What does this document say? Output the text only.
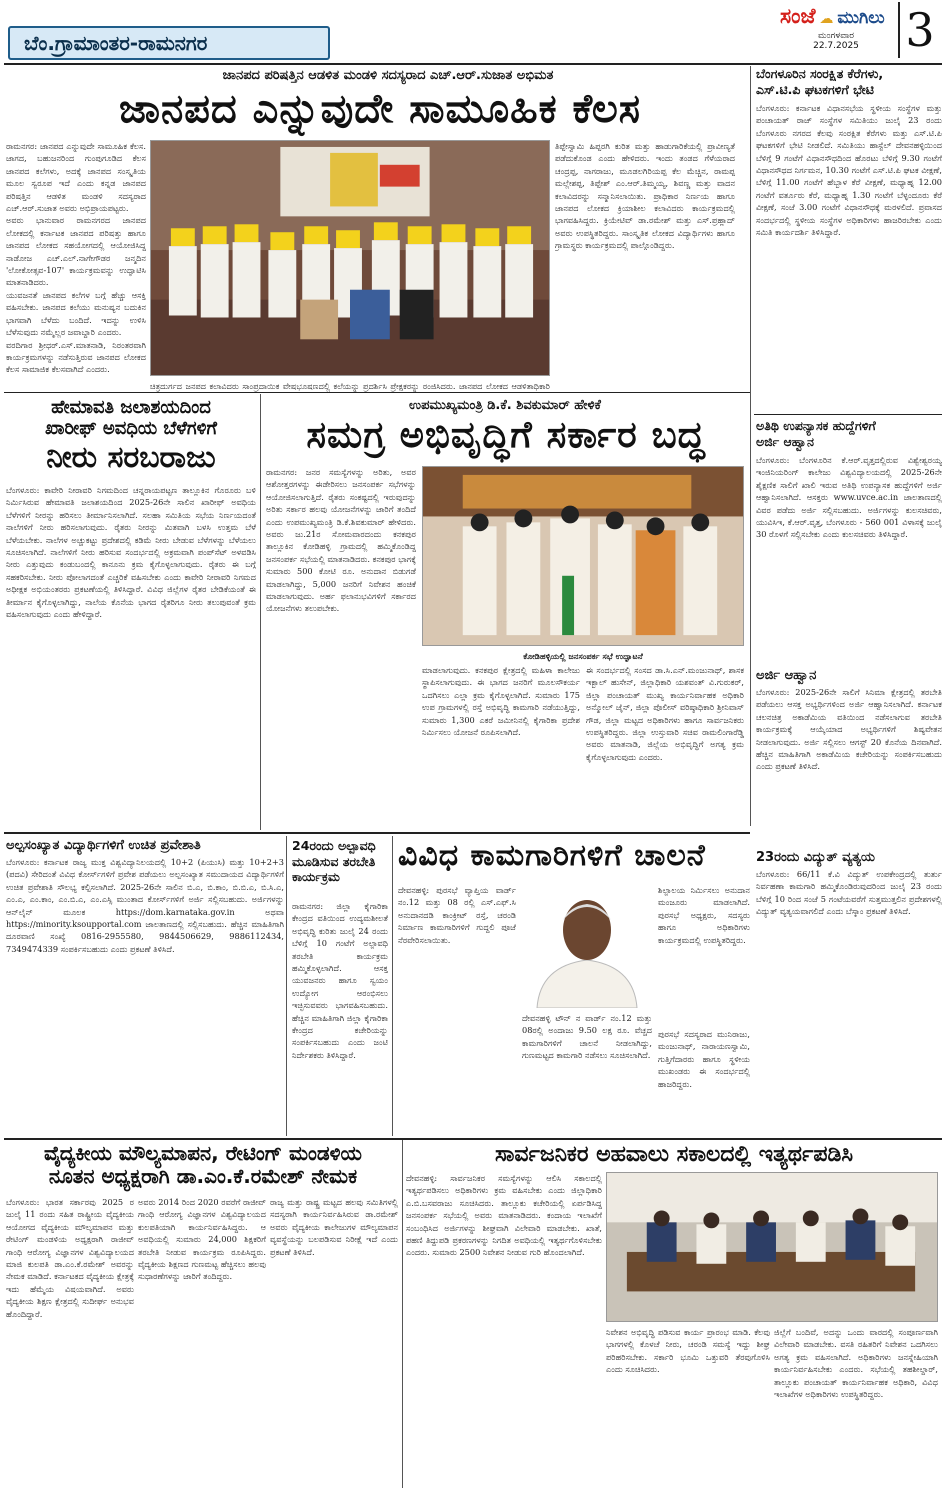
ಬೆಂ.ಗ್ರಾಮಾಂತರ-ರಾಮನಗರ
ಸಂಜೆ ☁ ಮುಗಿಲು
ಮಂಗಳವಾರ
22.7.2025	3
ಜಾನಪದ ಪರಿಷತ್ತಿನ ಆಡಳಿತ ಮಂಡಳಿ ಸದಸ್ಯರಾದ ಎಚ್.ಆರ್.ಸುಜಾತ ಅಭಿಮತ
ಜಾನಪದ ಎನ್ನುವುದೇ ಸಾಮೂಹಿಕ ಕೆಲಸ

ರಾಮನಗರ: ಜಾನಪದ ಎನ್ನುವುದೇ ಸಾಮೂಹಿಕ ಕೆಲಸ. ಜಾಗದ, ಬಹುಜನರಿಂದ ಗುಂಪುಗೂಡಿದ ಕೆಲಸ ಜಾನಪದ ಕಲೆಗಳು, ಅದಕ್ಕೆ ಜಾನಪದ ಸಂಸ್ಕೃತಿಯ ಮೂಲ ಸ್ವರೂಪ ಇದೆ ಎಂದು ಕನ್ನಡ ಜಾನಪದ ಪರಿಷತ್ತಿನ ಆಡಳಿತ ಮಂಡಳಿ ಸದಸ್ಯರಾದ ಎಚ್.ಆರ್.ಸುಜಾತ ಅವರು ಅಭಿಪ್ರಾಯಪಟ್ಟರು.

ಅವರು ಭಾನುವಾರ ರಾಮನಗರದ ಜಾನಪದ ಲೋಕದಲ್ಲಿ ಕರ್ನಾಟಕ ಜಾನಪದ ಪರಿಷತ್ತು ಹಾಗೂ ಜಾನಪದ ಲೋಕದ ಸಹಯೋಗದಲ್ಲಿ ಆಯೋಜಿಸಿದ್ದ ನಾಡೋಜ ಎಚ್.ಎಲ್.ನಾಗೇಗೌಡರ ಜನ್ಮದಿನ 'ಲೋಕೋತ್ಸವ-107' ಕಾರ್ಯಕ್ರಮವನ್ನು ಉದ್ಘಾಟಿಸಿ ಮಾತನಾಡಿದರು.

ಯುವಜನತೆ ಜಾನಪದ ಕಲೆಗಳ ಬಗ್ಗೆ ಹೆಚ್ಚು ಆಸಕ್ತಿ ವಹಿಸಬೇಕು. ಜಾನಪದ ಕಲೆಯು ಮನುಷ್ಯನ ಬದುಕಿನ ಭಾಗವಾಗಿ ಬೆಳೆದು ಬಂದಿದೆ. ಇದನ್ನು ಉಳಿಸಿ ಬೆಳೆಸುವುದು ನಮ್ಮೆಲ್ಲರ ಜವಾಬ್ದಾರಿ ಎಂದರು.

ವರದಿಗಾರ ಶ್ರೀಧರ್.ಎಸ್.ಮಾತನಾಡಿ, ನಿರಂತರವಾಗಿ ಕಾರ್ಯಕ್ರಮಗಳನ್ನು ನಡೆಸುತ್ತಿರುವ ಜಾನಪದ ಲೋಕದ ಕೆಲಸ ಸಾಮಾಜಿಕ ಕೆಲಸವಾಗಿದೆ ಎಂದರು.

ತಿಪ್ಪೇಸ್ವಾಮಿ ಹಿಪ್ಪರಗಿ ಕುರಿತ ಮತ್ತು ಹಾಡುಗಾರಿಕೆಯಲ್ಲಿ ಪ್ರಾವೀಣ್ಯತೆ ಪಡೆದುಕೊಂಡ ಎಂದು ಹೇಳಿದರು. ಇಂದು ತಂಡದ ಗೆಳೆಯರಾದ ಚಂದ್ರಪ್ಪ, ನಾಗರಾಜು, ಮೂಡಲಗಿರಿಯಪ್ಪ ಕೆಲ ಮೆಚ್ಚಿನ, ರಾಮಪ್ಪ ಮಲ್ಲೇಶಪ್ಪ, ತಿಪ್ಪೇಶ್ ಎಂ.ಆರ್.ತಿಮ್ಮಯ್ಯ, ಶಿವಣ್ಣ ಮತ್ತು ವಾದನ ಕಲಾವಿದರನ್ನು ಸನ್ಮಾನಿಸಲಾಯಿತು. ಪ್ರಾಧಿಕಾರ ನಿರ್ಣಯ ಹಾಗೂ ಜಾನಪದ ಲೋಕದ ಕ್ರಿಯಾಶೀಲ ಕಲಾವಿದರು ಕಾರ್ಯಕ್ರಮದಲ್ಲಿ ಭಾಗವಹಿಸಿದ್ದರು. ಕ್ರಿಯೇಟಿವ್ ಡಾ.ರಮೇಶ್ ಮತ್ತು ಎಸ್.ಪ್ರಹ್ಲಾದ್ ಅವರು ಉಪಸ್ಥಿತರಿದ್ದರು. ಸಾಂಸ್ಕೃತಿಕ ಲೋಕದ ವಿದ್ಯಾರ್ಥಿಗಳು ಹಾಗೂ ಗ್ರಾಮಸ್ಥರು ಕಾರ್ಯಕ್ರಮದಲ್ಲಿ ಪಾಲ್ಗೊಂಡಿದ್ದರು.

ಚಿತ್ರದುರ್ಗದ ಜನಪದ ಕಲಾವಿದರು ಸಾಂಪ್ರದಾಯಿಕ ವೇಷಭೂಷಣದಲ್ಲಿ ಕಲೆಯನ್ನು ಪ್ರದರ್ಶಿಸಿ ಪ್ರೇಕ್ಷಕರನ್ನು ರಂಜಿಸಿದರು. ಜಾನಪದ ಲೋಕದ ಆಡಳಿತಾಧಿಕಾರಿ

ಬೆಂಗಳೂರಿನ ಸಂರಕ್ಷಿತ ಕೆರೆಗಳು,
ಎಸ್.ಟಿ.ಪಿ ಘಟಕಗಳಿಗೆ ಭೇಟಿ
ಬೆಂಗಳೂರು: ಕರ್ನಾಟಕ ವಿಧಾನಸಭೆಯ ಸ್ಥಳೀಯ ಸಂಸ್ಥೆಗಳ ಮತ್ತು ಪಂಚಾಯತ್ ರಾಜ್ ಸಂಸ್ಥೆಗಳ ಸಮಿತಿಯು ಜುಲೈ 23 ರಂದು ಬೆಂಗಳೂರು ನಗರದ ಕೆಲವು ಸಂರಕ್ಷಿತ ಕೆರೆಗಳು ಮತ್ತು ಎಸ್.ಟಿ.ಪಿ ಘಟಕಗಳಿಗೆ ಭೇಟಿ ನೀಡಲಿದೆ. ಸಮಿತಿಯು ಹಾಸ್ಟೆಲ್ ದೇವನಹಳ್ಳಿಯಿಂದ ಬೆಳಿಗ್ಗೆ 9 ಗಂಟೆಗೆ ವಿಧಾನಸೌಧದಿಂದ ಹೊರಟು ಬೆಳಿಗ್ಗೆ 9.30 ಗಂಟೆಗೆ ವಿಧಾನಸೌಧದ ನಿರ್ಗಮನ, 10.30 ಗಂಟೆಗೆ ಎಸ್.ಟಿ.ಪಿ ಘಟಕ ವೀಕ್ಷಣೆ, ಬೆಳಿಗ್ಗೆ 11.00 ಗಂಟೆಗೆ ಹೆಬ್ಬಾಳ ಕೆರೆ ವೀಕ್ಷಣೆ, ಮಧ್ಯಾಹ್ನ 12.00 ಗಂಟೆಗೆ ವರ್ತೂರು ಕೆರೆ, ಮಧ್ಯಾಹ್ನ 1.30 ಗಂಟೆಗೆ ಬೆಳ್ಳಂದೂರು ಕೆರೆ ವೀಕ್ಷಣೆ, ಸಂಜೆ 3.00 ಗಂಟೆಗೆ ವಿಧಾನಸೌಧಕ್ಕೆ ಮರಳಲಿದೆ. ಪ್ರವಾಸದ ಸಂದರ್ಭದಲ್ಲಿ ಸ್ಥಳೀಯ ಸಂಸ್ಥೆಗಳ ಅಧಿಕಾರಿಗಳು ಹಾಜರಿರಬೇಕು ಎಂದು ಸಮಿತಿ ಕಾರ್ಯದರ್ಶಿ ತಿಳಿಸಿದ್ದಾರೆ.
ಅತಿಥಿ ಉಪನ್ಯಾಸಕ ಹುದ್ದೆಗಳಿಗೆ
ಅರ್ಜಿ ಆಹ್ವಾನ
ಬೆಂಗಳೂರು: ಬೆಂಗಳೂರಿನ ಕೆ.ಆರ್.ವೃತ್ತದಲ್ಲಿರುವ ವಿಶ್ವೇಶ್ವರಯ್ಯ ಇಂಜಿನಿಯರಿಂಗ್ ಕಾಲೇಜು ವಿಶ್ವವಿದ್ಯಾಲಯದಲ್ಲಿ 2025-26ನೇ ಶೈಕ್ಷಣಿಕ ಸಾಲಿಗೆ ಖಾಲಿ ಇರುವ ಅತಿಥಿ ಉಪನ್ಯಾಸಕ ಹುದ್ದೆಗಳಿಗೆ ಅರ್ಜಿ ಆಹ್ವಾನಿಸಲಾಗಿದೆ. ಆಸಕ್ತರು www.uvce.ac.in ಜಾಲತಾಣದಲ್ಲಿ ವಿವರ ಪಡೆದು ಅರ್ಜಿ ಸಲ್ಲಿಸಬಹುದು. ಅರ್ಜಿಗಳನ್ನು ಕುಲಸಚಿವರು, ಯುವಿಸಿಇ, ಕೆ.ಆರ್.ವೃತ್ತ, ಬೆಂಗಳೂರು - 560 001 ವಿಳಾಸಕ್ಕೆ ಜುಲೈ 30 ರೊಳಗೆ ಸಲ್ಲಿಸಬೇಕು ಎಂದು ಕುಲಸಚಿವರು ತಿಳಿಸಿದ್ದಾರೆ.
ಅರ್ಜಿ ಆಹ್ವಾನ
ಬೆಂಗಳೂರು: 2025-26ನೇ ಸಾಲಿಗೆ ಸಿನಿಮಾ ಕ್ಷೇತ್ರದಲ್ಲಿ ತರಬೇತಿ ಪಡೆಯಲು ಆಸಕ್ತ ಅಭ್ಯರ್ಥಿಗಳಿಂದ ಅರ್ಜಿ ಆಹ್ವಾನಿಸಲಾಗಿದೆ. ಕರ್ನಾಟಕ ಚಲನಚಿತ್ರ ಅಕಾಡೆಮಿಯ ವತಿಯಿಂದ ನಡೆಸಲಾಗುವ ತರಬೇತಿ ಕಾರ್ಯಕ್ರಮಕ್ಕೆ ಆಯ್ಕೆಯಾದ ಅಭ್ಯರ್ಥಿಗಳಿಗೆ ಶಿಷ್ಯವೇತನ ನೀಡಲಾಗುವುದು. ಅರ್ಜಿ ಸಲ್ಲಿಸಲು ಆಗಸ್ಟ್ 20 ಕೊನೆಯ ದಿನವಾಗಿದೆ. ಹೆಚ್ಚಿನ ಮಾಹಿತಿಗಾಗಿ ಅಕಾಡೆಮಿಯ ಕಚೇರಿಯನ್ನು ಸಂಪರ್ಕಿಸಬಹುದು ಎಂದು ಪ್ರಕಟಣೆ ತಿಳಿಸಿದೆ.
23ರಂದು ವಿದ್ಯುತ್ ವ್ಯತ್ಯಯ
ಬೆಂಗಳೂರು: 66/11 ಕೆ.ವಿ ವಿದ್ಯುತ್ ಉಪಕೇಂದ್ರದಲ್ಲಿ ತುರ್ತು ನಿರ್ವಹಣಾ ಕಾಮಗಾರಿ ಹಮ್ಮಿಕೊಂಡಿರುವುದರಿಂದ ಜುಲೈ 23 ರಂದು ಬೆಳಿಗ್ಗೆ 10 ರಿಂದ ಸಂಜೆ 5 ಗಂಟೆಯವರೆಗೆ ಸುತ್ತಮುತ್ತಲಿನ ಪ್ರದೇಶಗಳಲ್ಲಿ ವಿದ್ಯುತ್ ವ್ಯತ್ಯಯವಾಗಲಿದೆ ಎಂದು ಬೆಸ್ಕಾಂ ಪ್ರಕಟಣೆ ತಿಳಿಸಿದೆ.
ಹೇಮಾವತಿ ಜಲಾಶಯದಿಂದ
ಖಾರೀಫ್ ಅವಧಿಯ ಬೆಳೆಗಳಿಗೆ
ನೀರು ಸರಬರಾಜು
ಬೆಂಗಳೂರು: ಕಾವೇರಿ ನೀರಾವರಿ ನಿಗಮದಿಂದ ಚನ್ನರಾಯಪಟ್ಟಣ ತಾಲ್ಲೂಕಿನ ಗೊರೂರು ಬಳಿ ನಿರ್ಮಿಸಿರುವ ಹೇಮಾವತಿ ಜಲಾಶಯದಿಂದ 2025-26ನೇ ಸಾಲಿನ ಖಾರೀಫ್ ಅವಧಿಯ ಬೆಳೆಗಳಿಗೆ ನೀರನ್ನು ಹರಿಸಲು ತೀರ್ಮಾನಿಸಲಾಗಿದೆ. ಸಲಹಾ ಸಮಿತಿಯ ಸಭೆಯ ನಿರ್ಣಯದಂತೆ ನಾಲೆಗಳಿಗೆ ನೀರು ಹರಿಸಲಾಗುವುದು. ರೈತರು ನೀರನ್ನು ಮಿತವಾಗಿ ಬಳಸಿ ಉತ್ತಮ ಬೆಳೆ ಬೆಳೆಯಬೇಕು. ನಾಲೆಗಳ ಅಚ್ಚುಕಟ್ಟು ಪ್ರದೇಶದಲ್ಲಿ ಕಡಿಮೆ ನೀರು ಬೇಡುವ ಬೆಳೆಗಳನ್ನು ಬೆಳೆಯಲು ಸೂಚಿಸಲಾಗಿದೆ. ನಾಲೆಗಳಿಗೆ ನೀರು ಹರಿಸುವ ಸಂದರ್ಭದಲ್ಲಿ ಅಕ್ರಮವಾಗಿ ಪಂಪ್‌ಸೆಟ್ ಅಳವಡಿಸಿ ನೀರು ಎತ್ತುವುದು ಕಂಡುಬಂದಲ್ಲಿ ಕಾನೂನು ಕ್ರಮ ಕೈಗೊಳ್ಳಲಾಗುವುದು. ರೈತರು ಈ ಬಗ್ಗೆ ಸಹಕರಿಸಬೇಕು. ನೀರು ಪೋಲಾಗದಂತೆ ಎಚ್ಚರಿಕೆ ವಹಿಸಬೇಕು ಎಂದು ಕಾವೇರಿ ನೀರಾವರಿ ನಿಗಮದ ಅಧೀಕ್ಷಕ ಅಭಿಯಂತರರು ಪ್ರಕಟಣೆಯಲ್ಲಿ ತಿಳಿಸಿದ್ದಾರೆ. ವಿವಿಧ ಜಿಲ್ಲೆಗಳ ರೈತರ ಬೇಡಿಕೆಯಂತೆ ಈ ತೀರ್ಮಾನ ಕೈಗೊಳ್ಳಲಾಗಿದ್ದು, ನಾಲೆಯ ಕೊನೆಯ ಭಾಗದ ರೈತರಿಗೂ ನೀರು ತಲುಪುವಂತೆ ಕ್ರಮ ವಹಿಸಲಾಗುವುದು ಎಂದು ಹೇಳಿದ್ದಾರೆ.
ಉಪಮುಖ್ಯಮಂತ್ರಿ ಡಿ.ಕೆ. ಶಿವಕುಮಾರ್ ಹೇಳಿಕೆ
ಸಮಗ್ರ ಅಭಿವೃದ್ಧಿಗೆ ಸರ್ಕಾರ ಬದ್ಧ
ರಾಮನಗರ: ಜನರ ಸಮಸ್ಯೆಗಳನ್ನು ಅರಿತು, ಅವರ ಆಶೋತ್ತರಗಳನ್ನು ಈಡೇರಿಸಲು ಜನಸಂಪರ್ಕ ಸಭೆಗಳನ್ನು ಆಯೋಜಿಸಲಾಗುತ್ತಿದೆ. ರೈತರು ಸಂಕಷ್ಟದಲ್ಲಿ ಇರುವುದನ್ನು ಅರಿತು ಸರ್ಕಾರ ಹಲವು ಯೋಜನೆಗಳನ್ನು ಜಾರಿಗೆ ತಂದಿದೆ ಎಂದು ಉಪಮುಖ್ಯಮಂತ್ರಿ ಡಿ.ಕೆ.ಶಿವಕುಮಾರ್ ಹೇಳಿದರು. ಅವರು ಜು.21ರ ಸೋಮವಾರದಂದು ಕನಕಪುರ ತಾಲ್ಲೂಕಿನ ಕೋಡಿಹಳ್ಳಿ ಗ್ರಾಮದಲ್ಲಿ ಹಮ್ಮಿಕೊಂಡಿದ್ದ ಜನಸಂಪರ್ಕ ಸಭೆಯಲ್ಲಿ ಮಾತನಾಡಿದರು. ಕನಕಪುರ ಭಾಗಕ್ಕೆ ಸುಮಾರು 500 ಕೋಟಿ ರೂ. ಅನುದಾನ ಬಿಡುಗಡೆ ಮಾಡಲಾಗಿದ್ದು, 5,000 ಜನರಿಗೆ ನಿವೇಶನ ಹಂಚಿಕೆ ಮಾಡಲಾಗುವುದು. ಅರ್ಹ ಫಲಾನುಭವಿಗಳಿಗೆ ಸರ್ಕಾರದ ಯೋಜನೆಗಳು ತಲುಪಬೇಕು.
ಕೋಡಿಹಳ್ಳಿಯಲ್ಲಿ ಜನಸಂಪರ್ಕ ಸಭೆ ಉದ್ಘಾಟನೆ
ಮಾಡಲಾಗುವುದು. ಕನಕಪುರ ಕ್ಷೇತ್ರದಲ್ಲಿ ಮಹಿಳಾ ಕಾಲೇಜು ಸ್ಥಾಪಿಸಲಾಗುವುದು. ಈ ಭಾಗದ ಜನರಿಗೆ ಮೂಲಸೌಕರ್ಯ ಒದಗಿಸಲು ಎಲ್ಲಾ ಕ್ರಮ ಕೈಗೊಳ್ಳಲಾಗಿದೆ. ಸುಮಾರು 175 ಉಪ ಗ್ರಾಮಗಳಲ್ಲಿ ರಸ್ತೆ ಅಭಿವೃದ್ಧಿ ಕಾಮಗಾರಿ ನಡೆಯುತ್ತಿದ್ದು, ಸುಮಾರು 1,300 ಎಕರೆ ಜಮೀನಿನಲ್ಲಿ ಕೈಗಾರಿಕಾ ಪ್ರದೇಶ ನಿರ್ಮಿಸಲು ಯೋಜನೆ ರೂಪಿಸಲಾಗಿದೆ.
ಈ ಸಂದರ್ಭದಲ್ಲಿ ಸಂಸದ ಡಾ.ಸಿ.ಎನ್.ಮಂಜುನಾಥ್, ಶಾಸಕ ಇಕ್ಬಾಲ್ ಹುಸೇನ್, ಜಿಲ್ಲಾಧಿಕಾರಿ ಯಶವಂತ್ ವಿ.ಗುರುಕರ್, ಜಿಲ್ಲಾ ಪಂಚಾಯತ್ ಮುಖ್ಯ ಕಾರ್ಯನಿರ್ವಾಹಕ ಅಧಿಕಾರಿ ಅನ್ಮೋಲ್ ಜೈನ್, ಜಿಲ್ಲಾ ಪೊಲೀಸ್ ವರಿಷ್ಠಾಧಿಕಾರಿ ಶ್ರೀನಿವಾಸ್ ಗೌಡ, ಜಿಲ್ಲಾ ಮಟ್ಟದ ಅಧಿಕಾರಿಗಳು ಹಾಗೂ ಸಾರ್ವಜನಿಕರು ಉಪಸ್ಥಿತರಿದ್ದರು. ಜಿಲ್ಲಾ ಉಸ್ತುವಾರಿ ಸಚಿವ ರಾಮಲಿಂಗಾರೆಡ್ಡಿ ಅವರು ಮಾತನಾಡಿ, ಜಿಲ್ಲೆಯ ಅಭಿವೃದ್ಧಿಗೆ ಅಗತ್ಯ ಕ್ರಮ ಕೈಗೊಳ್ಳಲಾಗುವುದು ಎಂದರು.
ಅಲ್ಪಸಂಖ್ಯಾತ ವಿದ್ಯಾರ್ಥಿಗಳಿಗೆ ಉಚಿತ ಪ್ರವೇಶಾತಿ
ಬೆಂಗಳೂರು: ಕರ್ನಾಟಕ ರಾಜ್ಯ ಮುಕ್ತ ವಿಶ್ವವಿದ್ಯಾನಿಲಯದಲ್ಲಿ 10+2 (ಪಿಯುಸಿ) ಮತ್ತು 10+2+3 (ಪದವಿ) ಸೇರಿದಂತೆ ವಿವಿಧ ಕೋರ್ಸ್‌ಗಳಿಗೆ ಪ್ರವೇಶ ಪಡೆಯಲು ಅಲ್ಪಸಂಖ್ಯಾತ ಸಮುದಾಯದ ವಿದ್ಯಾರ್ಥಿಗಳಿಗೆ ಉಚಿತ ಪ್ರವೇಶಾತಿ ಸೌಲಭ್ಯ ಕಲ್ಪಿಸಲಾಗಿದೆ. 2025-26ನೇ ಸಾಲಿನ ಬಿ.ಎ, ಬಿ.ಕಾಂ, ಬಿ.ಬಿ.ಎ, ಬಿ.ಸಿ.ಎ, ಎಂ.ಎ, ಎಂ.ಕಾಂ, ಎಂ.ಬಿ.ಎ, ಎಂ.ಎಸ್ಸಿ ಮುಂತಾದ ಕೋರ್ಸ್‌ಗಳಿಗೆ ಅರ್ಜಿ ಸಲ್ಲಿಸಬಹುದು. ಅರ್ಜಿಗಳನ್ನು ಆನ್‌ಲೈನ್ ಮೂಲಕ https://dom.karnataka.gov.in ಅಥವಾ https://minority.ksoupportal.com ಜಾಲತಾಣದಲ್ಲಿ ಸಲ್ಲಿಸಬಹುದು. ಹೆಚ್ಚಿನ ಮಾಹಿತಿಗಾಗಿ ದೂರವಾಣಿ ಸಂಖ್ಯೆ 0816-2955580, 9844506629, 9886112434, 7349474339 ಸಂಪರ್ಕಿಸಬಹುದು ಎಂದು ಪ್ರಕಟಣೆ ತಿಳಿಸಿದೆ.
24ರಂದು ಅಲ್ಪಾವಧಿ
ಮೂಡಿಸುವ ತರಬೇತಿ
ಕಾರ್ಯಕ್ರಮ
ರಾಮನಗರ: ಜಿಲ್ಲಾ ಕೈಗಾರಿಕಾ ಕೇಂದ್ರದ ವತಿಯಿಂದ ಉದ್ಯಮಶೀಲತೆ ಅಭಿವೃದ್ಧಿ ಕುರಿತು ಜುಲೈ 24 ರಂದು ಬೆಳಿಗ್ಗೆ 10 ಗಂಟೆಗೆ ಅಲ್ಪಾವಧಿ ತರಬೇತಿ ಕಾರ್ಯಕ್ರಮ ಹಮ್ಮಿಕೊಳ್ಳಲಾಗಿದೆ. ಆಸಕ್ತ ಯುವಜನರು ಹಾಗೂ ಸ್ವಯಂ ಉದ್ಯೋಗ ಆರಂಭಿಸಲು ಇಚ್ಛಿಸುವವರು ಭಾಗವಹಿಸಬಹುದು. ಹೆಚ್ಚಿನ ಮಾಹಿತಿಗಾಗಿ ಜಿಲ್ಲಾ ಕೈಗಾರಿಕಾ ಕೇಂದ್ರದ ಕಚೇರಿಯನ್ನು ಸಂಪರ್ಕಿಸಬಹುದು ಎಂದು ಜಂಟಿ ನಿರ್ದೇಶಕರು ತಿಳಿಸಿದ್ದಾರೆ.
ವಿವಿಧ ಕಾಮಗಾರಿಗಳಿಗೆ ಚಾಲನೆ
ದೇವನಹಳ್ಳಿ: ಪುರಸಭೆ ವ್ಯಾಪ್ತಿಯ ವಾರ್ಡ್ ನಂ.12 ಮತ್ತು 08 ರಲ್ಲಿ ಎಸ್.ಎಫ್.ಸಿ ಅನುದಾನದಡಿ ಕಾಂಕ್ರೀಟ್ ರಸ್ತೆ, ಚರಂಡಿ ನಿರ್ಮಾಣ ಕಾಮಗಾರಿಗಳಿಗೆ ಗುದ್ದಲಿ ಪೂಜೆ ನೆರವೇರಿಸಲಾಯಿತು.
ದೇವನಹಳ್ಳಿ ಟೌನ್ ನ ವಾರ್ಡ್ ನಂ.12 ಮತ್ತು 08ರಲ್ಲಿ ಅಂದಾಜು 9.50 ಲಕ್ಷ ರೂ. ವೆಚ್ಚದ ಕಾಮಗಾರಿಗಳಿಗೆ ಚಾಲನೆ ನೀಡಲಾಗಿದ್ದು, ಗುಣಮಟ್ಟದ ಕಾಮಗಾರಿ ನಡೆಸಲು ಸೂಚಿಸಲಾಗಿದೆ.
ಶಿಲ್ಪಾಲಯ ನಿರ್ಮಿಸಲು ಅನುದಾನ ಮಂಜೂರು ಮಾಡಲಾಗಿದೆ. ಪುರಸಭೆ ಅಧ್ಯಕ್ಷರು, ಸದಸ್ಯರು ಹಾಗೂ ಅಧಿಕಾರಿಗಳು ಕಾರ್ಯಕ್ರಮದಲ್ಲಿ ಉಪಸ್ಥಿತರಿದ್ದರು.
ಪುರಸಭೆ ಸದಸ್ಯರಾದ ಮುನಿರಾಜು, ಮಂಜುನಾಥ್, ನಾರಾಯಣಸ್ವಾಮಿ, ಗುತ್ತಿಗೆದಾರರು ಹಾಗೂ ಸ್ಥಳೀಯ ಮುಖಂಡರು ಈ ಸಂದರ್ಭದಲ್ಲಿ ಹಾಜರಿದ್ದರು.
ವೈದ್ಯಕೀಯ ಮೌಲ್ಯಮಾಪನ, ರೇಟಿಂಗ್ ಮಂಡಳಿಯ
ನೂತನ ಅಧ್ಯಕ್ಷರಾಗಿ ಡಾ.ಎಂ.ಕೆ.ರಮೇಶ್ ನೇಮಕ
ಬೆಂಗಳೂರು: ಭಾರತ ಸರ್ಕಾರವು 2025 ರ ಜುಲೈ 11 ರಂದು ಸಹಿತ ರಾಷ್ಟ್ರೀಯ ವೈದ್ಯಕೀಯ ಆಯೋಗದ ವೈದ್ಯಕೀಯ ಮೌಲ್ಯಮಾಪನ ಮತ್ತು ರೇಟಿಂಗ್ ಮಂಡಳಿಯ ಅಧ್ಯಕ್ಷರಾಗಿ ರಾಜೀವ್ ಗಾಂಧಿ ಆರೋಗ್ಯ ವಿಜ್ಞಾನಗಳ ವಿಶ್ವವಿದ್ಯಾಲಯದ ಮಾಜಿ ಕುಲಪತಿ ಡಾ.ಎಂ.ಕೆ.ರಮೇಶ್ ಅವರನ್ನು ನೇಮಕ ಮಾಡಿದೆ. ಕರ್ನಾಟಕದ ವೈದ್ಯಕೀಯ ಕ್ಷೇತ್ರಕ್ಕೆ ಇದು ಹೆಮ್ಮೆಯ ವಿಷಯವಾಗಿದೆ. ಅವರು ವೈದ್ಯಕೀಯ ಶಿಕ್ಷಣ ಕ್ಷೇತ್ರದಲ್ಲಿ ಸುದೀರ್ಘ ಅನುಭವ ಹೊಂದಿದ್ದಾರೆ.
ಅವರು 2014 ರಿಂದ 2020 ರವರೆಗೆ ರಾಜೀವ್ ಗಾಂಧಿ ಆರೋಗ್ಯ ವಿಜ್ಞಾನಗಳ ವಿಶ್ವವಿದ್ಯಾಲಯದ ಕುಲಪತಿಯಾಗಿ ಕಾರ್ಯನಿರ್ವಹಿಸಿದ್ದರು. ಆ ಅವಧಿಯಲ್ಲಿ ಸುಮಾರು 24,000 ಶಿಕ್ಷಕರಿಗೆ ತರಬೇತಿ ನೀಡುವ ಕಾರ್ಯಕ್ರಮ ರೂಪಿಸಿದ್ದರು. ವೈದ್ಯಕೀಯ ಶಿಕ್ಷಣದ ಗುಣಮಟ್ಟ ಹೆಚ್ಚಿಸಲು ಹಲವು ಸುಧಾರಣೆಗಳನ್ನು ಜಾರಿಗೆ ತಂದಿದ್ದರು.
ರಾಜ್ಯ ಮತ್ತು ರಾಷ್ಟ್ರ ಮಟ್ಟದ ಹಲವು ಸಮಿತಿಗಳಲ್ಲಿ ಸದಸ್ಯರಾಗಿ ಕಾರ್ಯನಿರ್ವಹಿಸಿರುವ ಡಾ.ರಮೇಶ್ ಅವರು ವೈದ್ಯಕೀಯ ಕಾಲೇಜುಗಳ ಮೌಲ್ಯಮಾಪನ ವ್ಯವಸ್ಥೆಯನ್ನು ಬಲಪಡಿಸುವ ನಿರೀಕ್ಷೆ ಇದೆ ಎಂದು ಪ್ರಕಟಣೆ ತಿಳಿಸಿದೆ.
ಸಾರ್ವಜನಿಕರ ಅಹವಾಲು ಸಕಾಲದಲ್ಲಿ ಇತ್ಯರ್ಥಪಡಿಸಿ
ದೇವನಹಳ್ಳಿ: ಸಾರ್ವಜನಿಕರ ಸಮಸ್ಯೆಗಳನ್ನು ಆಲಿಸಿ ಸಕಾಲದಲ್ಲಿ ಇತ್ಯರ್ಥಪಡಿಸಲು ಅಧಿಕಾರಿಗಳು ಕ್ರಮ ವಹಿಸಬೇಕು ಎಂದು ಜಿಲ್ಲಾಧಿಕಾರಿ ಎ.ಬಿ.ಬಸವರಾಜು ಸೂಚಿಸಿದರು. ತಾಲ್ಲೂಕು ಕಚೇರಿಯಲ್ಲಿ ಏರ್ಪಡಿಸಿದ್ದ ಜನಸಂಪರ್ಕ ಸಭೆಯಲ್ಲಿ ಅವರು ಮಾತನಾಡಿದರು. ಕಂದಾಯ ಇಲಾಖೆಗೆ ಸಂಬಂಧಿಸಿದ ಅರ್ಜಿಗಳನ್ನು ಶೀಘ್ರವಾಗಿ ವಿಲೇವಾರಿ ಮಾಡಬೇಕು. ಖಾತೆ, ಪಹಣಿ ತಿದ್ದುಪಡಿ ಪ್ರಕರಣಗಳನ್ನು ನಿಗದಿತ ಅವಧಿಯಲ್ಲಿ ಇತ್ಯರ್ಥಗೊಳಿಸಬೇಕು ಎಂದರು. ಸುಮಾರು 2500 ನಿವೇಶನ ನೀಡುವ ಗುರಿ ಹೊಂದಲಾಗಿದೆ.
ನಿವೇಶನ ಅಭಿವೃದ್ಧಿ ಪಡಿಸುವ ಕಾರ್ಯ ಪ್ರಾರಂಭ ಮಾಡಿ. ಕೆಲವು ಭಾಗಗಳಲ್ಲಿ ಕೊಳಚೆ ನೀರು, ಚರಂಡಿ ಸಮಸ್ಯೆ ಇದ್ದು ಶೀಘ್ರ ಪರಿಹರಿಸಬೇಕು. ಸರ್ಕಾರಿ ಭೂಮಿ ಒತ್ತುವರಿ ತೆರವುಗೊಳಿಸಿ ಎಂದು ಸೂಚಿಸಿದರು.
ಜಿಲ್ಲೆಗೆ ಬಂದಿವೆ, ಅದನ್ನು ಒಂದು ವಾರದಲ್ಲಿ ಸಂಪೂರ್ಣವಾಗಿ ವಿಲೇವಾರಿ ಮಾಡಬೇಕು. ವಸತಿ ರಹಿತರಿಗೆ ನಿವೇಶನ ಒದಗಿಸಲು ಅಗತ್ಯ ಕ್ರಮ ವಹಿಸಲಾಗಿದೆ. ಅಧಿಕಾರಿಗಳು ಜನಸ್ನೇಹಿಯಾಗಿ ಕಾರ್ಯನಿರ್ವಹಿಸಬೇಕು ಎಂದರು. ಸಭೆಯಲ್ಲಿ ತಹಶೀಲ್ದಾರ್, ತಾಲ್ಲೂಕು ಪಂಚಾಯತ್ ಕಾರ್ಯನಿರ್ವಾಹಕ ಅಧಿಕಾರಿ, ವಿವಿಧ ಇಲಾಖೆಗಳ ಅಧಿಕಾರಿಗಳು ಉಪಸ್ಥಿತರಿದ್ದರು.
